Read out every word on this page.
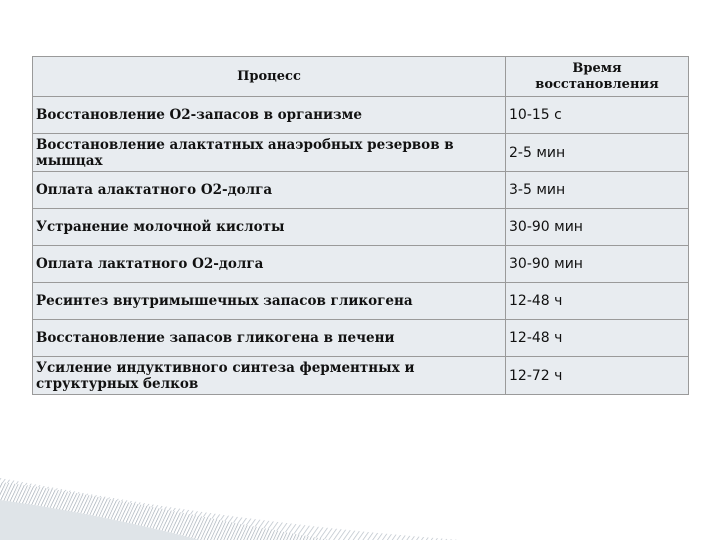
Процесс	Время восстановления
Восстановление О2-запасов в организме	10-15 с
Восстановление алактатных анаэробных резервов в мышцах	2-5 мин
Оплата алактатного О2-долга	3-5 мин
Устранение молочной кислоты	30-90 мин
Оплата лактатного О2-долга	30-90 мин
Ресинтез внутримышечных запасов гликогена	12-48 ч
Восстановление запасов гликогена в печени	12-48 ч
Усиление индуктивного синтеза ферментных и структурных белков	12-72 ч
